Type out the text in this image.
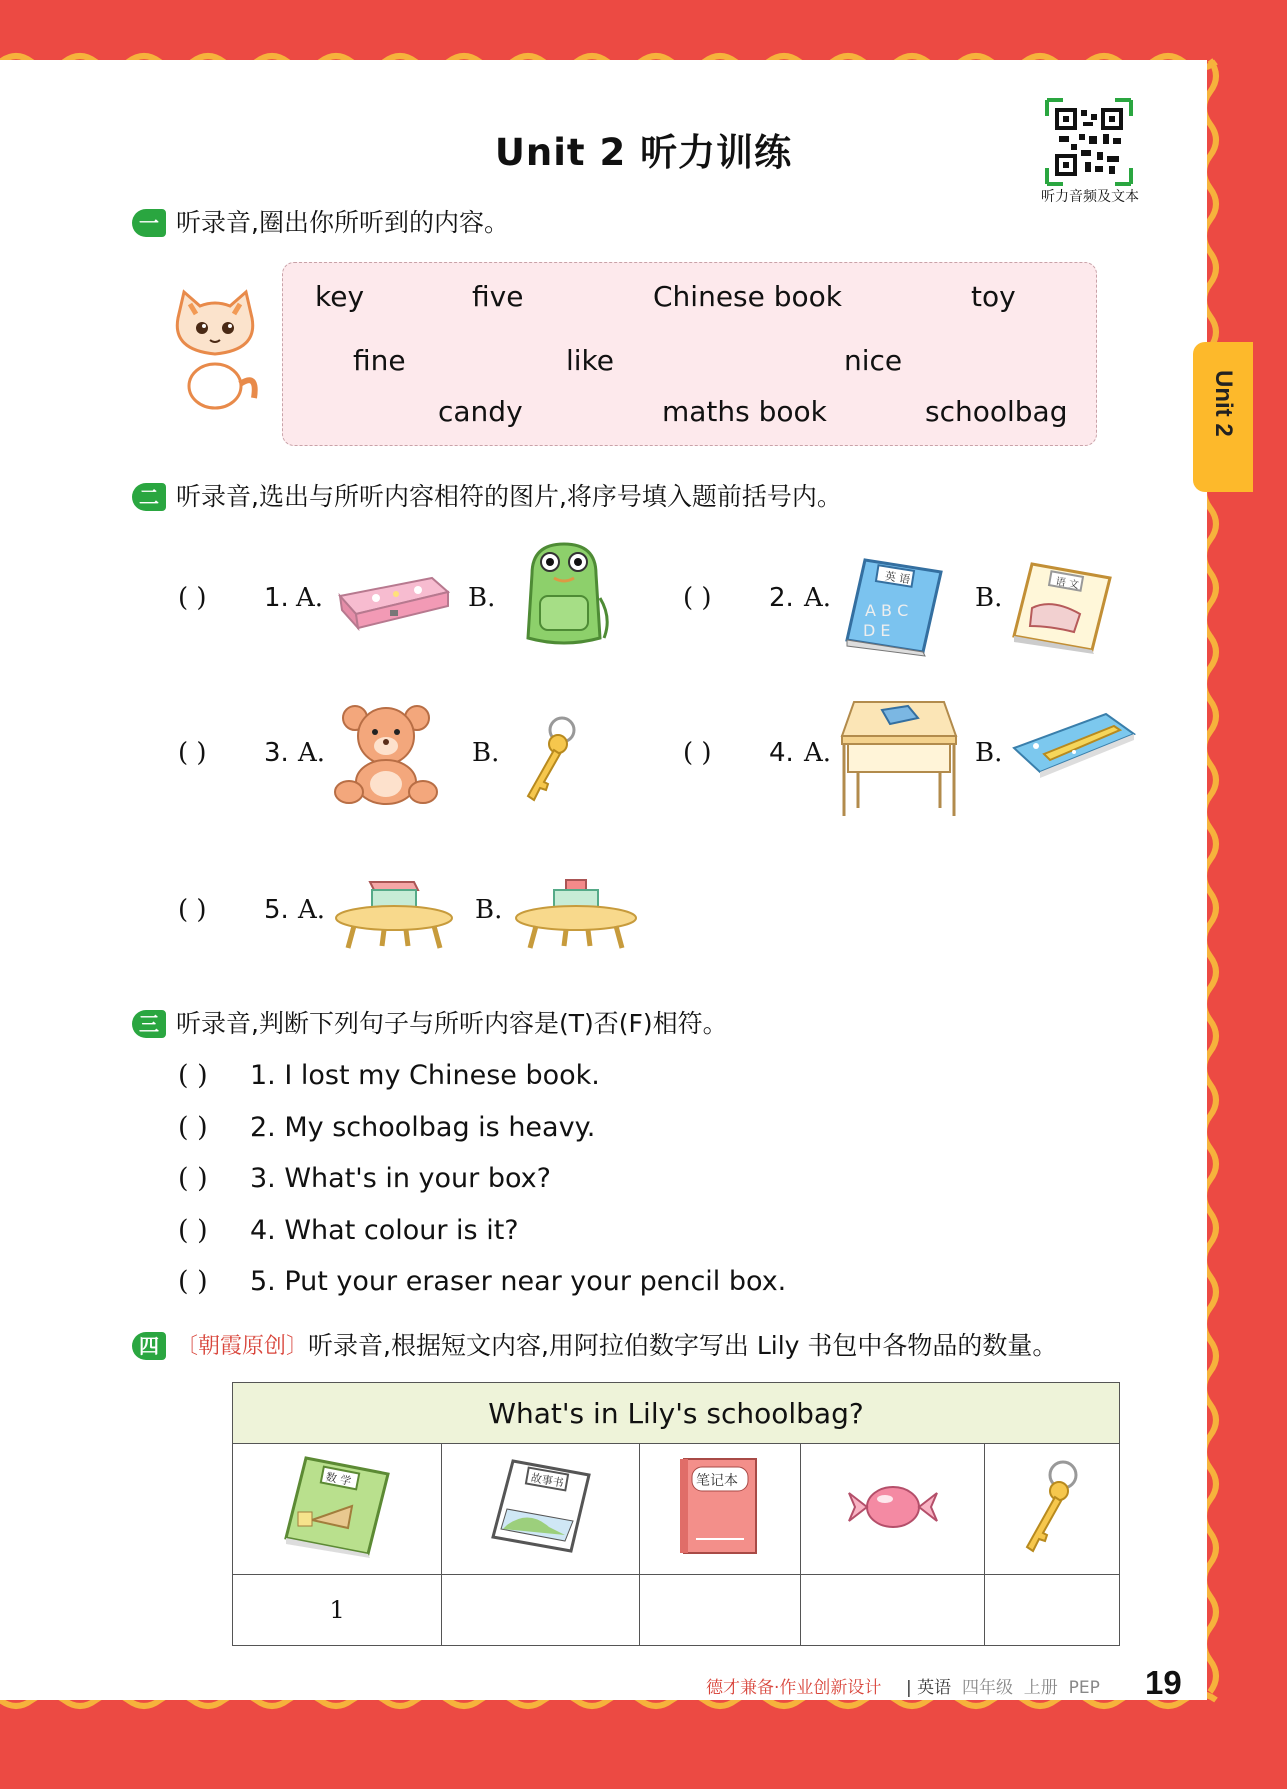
Unit 2 听力训练
听力音频及文本
Unit 2
一 听录音,圈出你所听到的内容。
key	five	Chinese book	toy
fine	like	nice
candy	maths book	schoolbag
二 听录音,选出与所听内容相符的图片,将序号填入题前括号内。
( ) 1. A.	B.	( ) 2. A.
英 语
A B C
D E
B.	语 文
( ) 3. A.	B.	( ) 4. A.	B.
( ) 5. A.	B.
三 听录音,判断下列句子与所听内容是(T)否(F)相符。
( ) 1. I lost my Chinese book.
( ) 2. My schoolbag is heavy.
( ) 3. What's in your box?
( ) 4. What colour is it?
( ) 5. Put your eraser near your pencil box.
四 〔朝霞原创〕听录音,根据短文内容,用阿拉伯数字写出 Lily 书包中各物品的数量。
What's in Lily's schoolbag?				

数 学	故事书	笔记本

1				
德才兼备·作业创新设计 | 英语 四年级 上册 PEP 19
